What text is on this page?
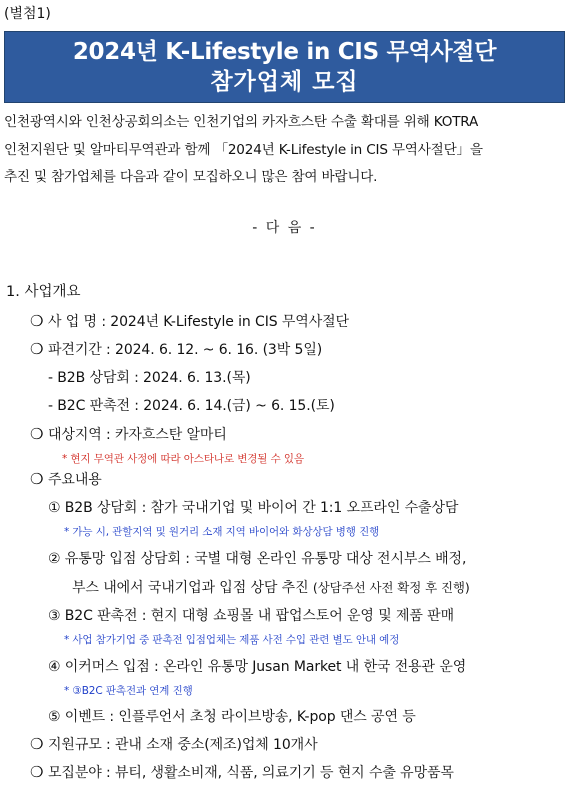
(별첨1)
2024년 K-Lifestyle in CIS 무역사절단
참가업체 모집
인천광역시와 인천상공회의소는 인천기업의 카자흐스탄 수출 확대를 위해 KOTRA
인천지원단 및 알마티무역관과 함께 「2024년 K-Lifestyle in CIS 무역사절단」을
추진 및 참가업체를 다음과 같이 모집하오니 많은 참여 바랍니다.
- 다 음 -
1. 사업개요
❍ 사 업 명 : 2024년 K-Lifestyle in CIS 무역사절단
❍ 파견기간 : 2024. 6. 12. ~ 6. 16. (3박 5일)
- B2B 상담회 : 2024. 6. 13.(목)
- B2C 판촉전 : 2024. 6. 14.(금) ~ 6. 15.(토)
❍ 대상지역 : 카자흐스탄 알마티
* 현지 무역관 사정에 따라 아스타나로 변경될 수 있음
❍ 주요내용
① B2B 상담회 : 참가 국내기업 및 바이어 간 1:1 오프라인 수출상담
* 가능 시, 관할지역 및 원거리 소재 지역 바이어와 화상상담 병행 진행
② 유통망 입점 상담회 : 국별 대형 온라인 유통망 대상 전시부스 배정,
부스 내에서 국내기업과 입점 상담 추진 (상담주선 사전 확정 후 진행)
③ B2C 판촉전 : 현지 대형 쇼핑몰 내 팝업스토어 운영 및 제품 판매
* 사업 참가기업 중 판촉전 입점업체는 제품 사전 수입 관련 별도 안내 예정
④ 이커머스 입점 : 온라인 유통망 Jusan Market 내 한국 전용관 운영
* ③B2C 판촉전과 연계 진행
⑤ 이벤트 : 인플루언서 초청 라이브방송, K-pop 댄스 공연 등
❍ 지원규모 : 관내 소재 중소(제조)업체 10개사
❍ 모집분야 : 뷰티, 생활소비재, 식품, 의료기기 등 현지 수출 유망품목
